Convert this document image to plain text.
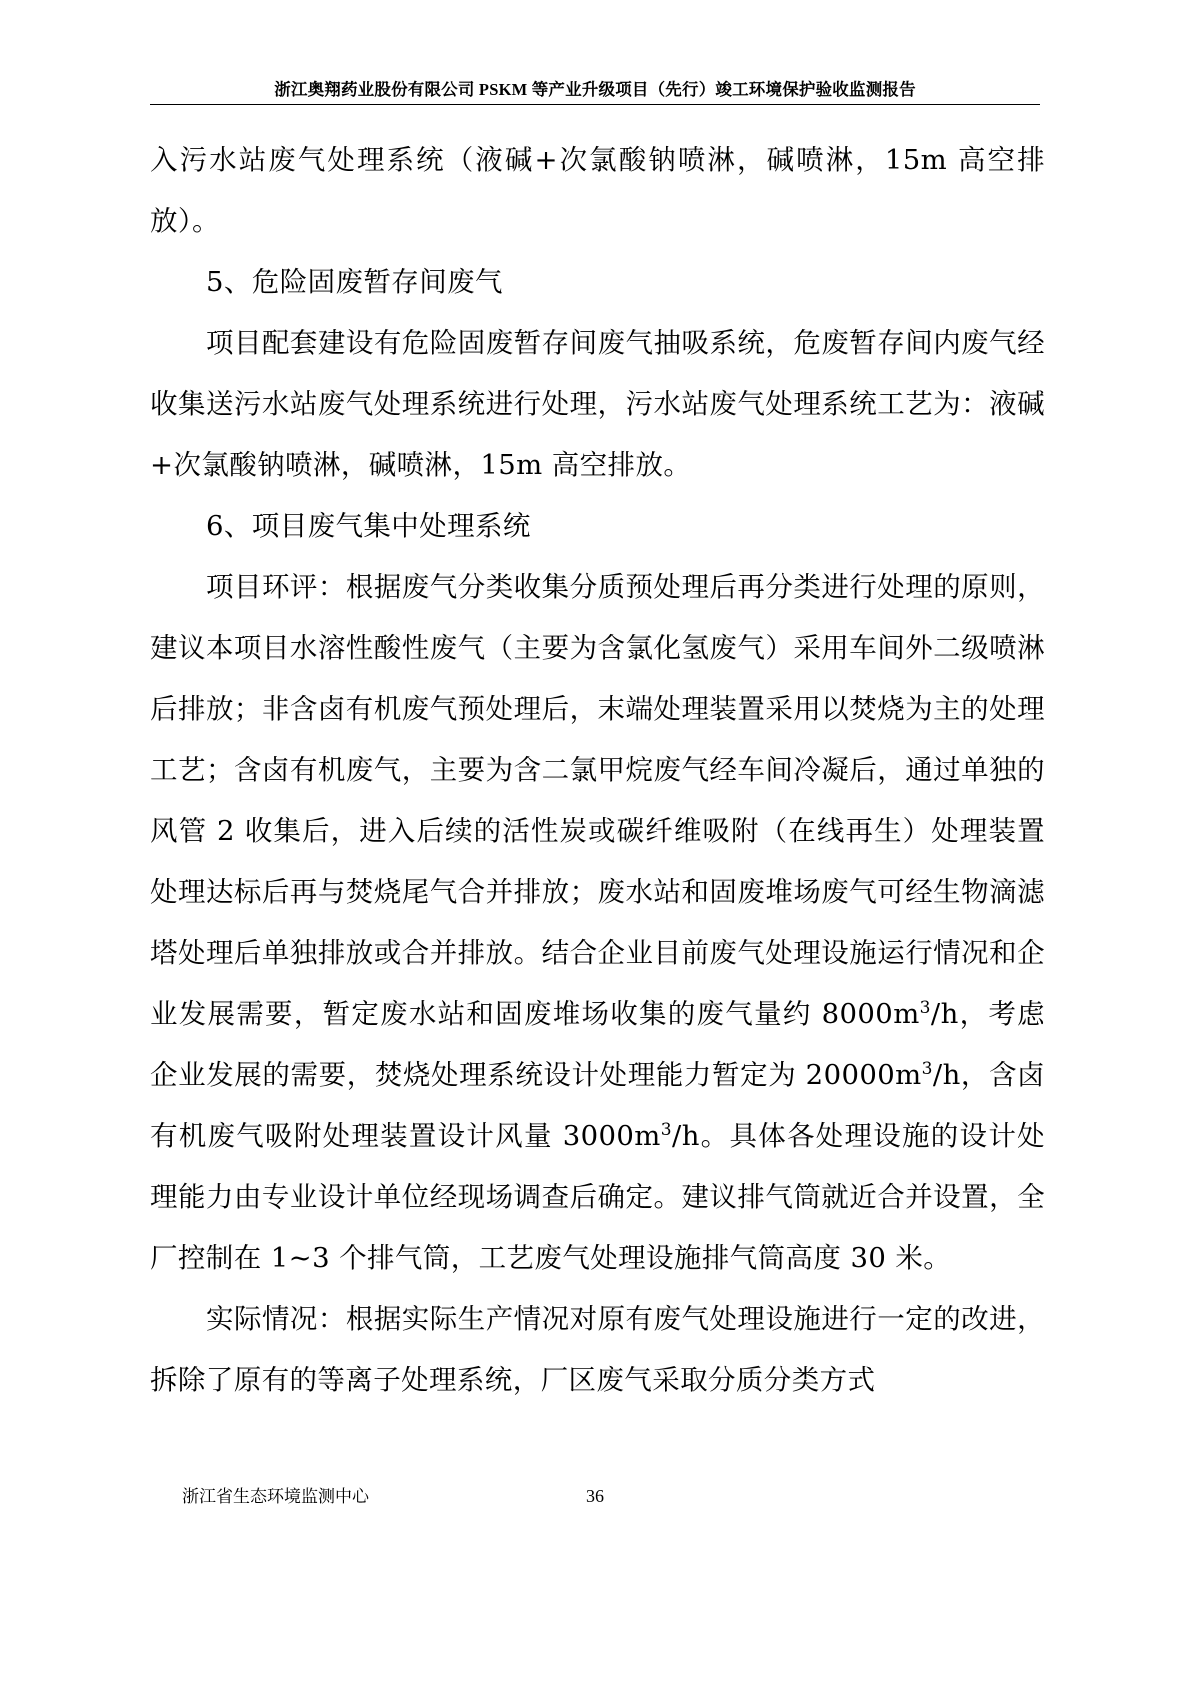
浙江奥翔药业股份有限公司 PSKM 等产业升级项目（先行）竣工环境保护验收监测报告

入污水站废气处理系统（液碱+次氯酸钠喷淋，碱喷淋，15m 高空排放）。

5、危险固废暂存间废气

项目配套建设有危险固废暂存间废气抽吸系统，危废暂存间内废气经收集送污水站废气处理系统进行处理，污水站废气处理系统工艺为：液碱+次氯酸钠喷淋，碱喷淋，15m 高空排放。

6、项目废气集中处理系统

项目环评：根据废气分类收集分质预处理后再分类进行处理的原则，建议本项目水溶性酸性废气（主要为含氯化氢废气）采用车间外二级喷淋后排放；非含卤有机废气预处理后，末端处理装置采用以焚烧为主的处理工艺；含卤有机废气，主要为含二氯甲烷废气经车间冷凝后，通过单独的风管 2 收集后，进入后续的活性炭或碳纤维吸附（在线再生）处理装置处理达标后再与焚烧尾气合并排放；废水站和固废堆场废气可经生物滴滤塔处理后单独排放或合并排放。结合企业目前废气处理设施运行情况和企业发展需要，暂定废水站和固废堆场收集的废气量约 $8000m^3/h$，考虑企业发展的需要，焚烧处理系统设计处理能力暂定为 $20000m^3/h$，含卤有机废气吸附处理装置设计风量 $3000m^3/h$。具体各处理设施的设计处理能力由专业设计单位经现场调查后确定。建议排气筒就近合并设置，全厂控制在 1~3 个排气筒，工艺废气处理设施排气筒高度 30 米。

实际情况：根据实际生产情况对原有废气处理设施进行一定的改进，拆除了原有的等离子处理系统，厂区废气采取分质分类方式

浙江省生态环境监测中心	36
